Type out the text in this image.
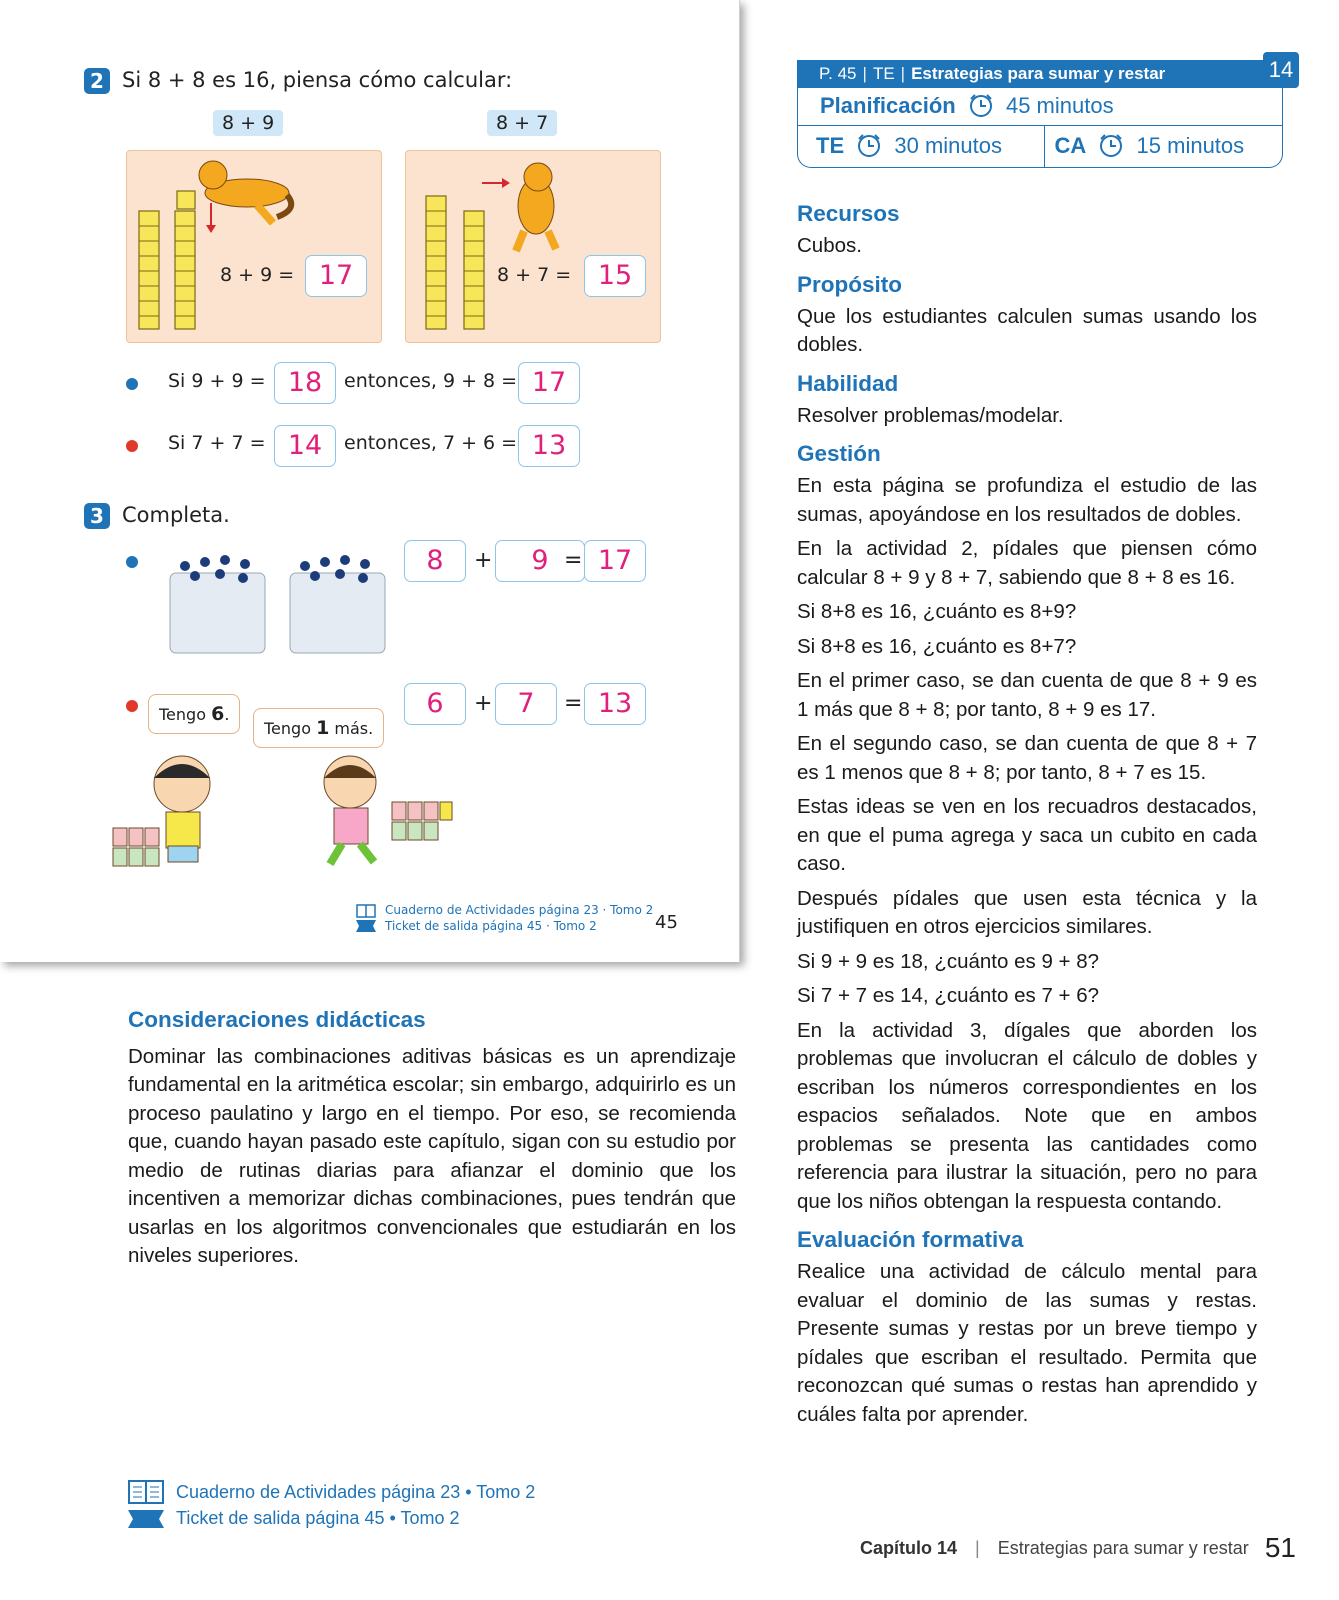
2 Si 8 + 8 es 16, piensa cómo calcular:
8 + 9	8 + 7
8 + 9 = 17	8 + 7 = 15
Si 9 + 9 = 18	entonces, 9 + 8 = 17
Si 7 + 7 = 14	entonces, 7 + 6 = 13
3 Completa.
8	+	9 = 17
Tengo 6.
Tengo 1 más.
6	+ 7	= 13
Cuaderno de Actividades página 23 · Tomo 2
Ticket de salida página 45 · Tomo 2	45
P. 45 | TE | Estrategias para sumar y restar
Planificación 45 minutos
TE 30 minutos	CA 15 minutos
14
Recursos

Cubos.

Propósito

Que los estudiantes calculen sumas usando los dobles.

Habilidad

Resolver problemas/modelar.

Gestión

En esta página se profundiza el estudio de las sumas, apoyándose en los resultados de dobles.

En la actividad 2, pídales que piensen cómo calcular 8 + 9 y 8 + 7, sabiendo que 8 + 8 es 16.

Si 8+8 es 16, ¿cuánto es 8+9?

Si 8+8 es 16, ¿cuánto es 8+7?

En el primer caso, se dan cuenta de que 8 + 9 es 1 más que 8 + 8; por tanto, 8 + 9 es 17.

En el segundo caso, se dan cuenta de que 8 + 7 es 1 menos que 8 + 8; por tanto, 8 + 7 es 15.

Estas ideas se ven en los recuadros destacados, en que el puma agrega y saca un cubito en cada caso.

Después pídales que usen esta técnica y la justifiquen en otros ejercicios similares.

Si 9 + 9 es 18, ¿cuánto es 9 + 8?

Si 7 + 7 es 14, ¿cuánto es 7 + 6?

En la actividad 3, dígales que aborden los problemas que involucran el cálculo de dobles y escriban los números correspondientes en los espacios señalados. Note que en ambos problemas se presenta las cantidades como referencia para ilustrar la situación, pero no para que los niños obtengan la respuesta contando.

Evaluación formativa

Realice una actividad de cálculo mental para evaluar el dominio de las sumas y restas. Presente sumas y restas por un breve tiempo y pídales que escriban el resultado. Permita que reconozcan qué sumas o restas han aprendido y cuáles falta por aprender.

Consideraciones didácticas

Dominar las combinaciones aditivas básicas es un aprendizaje fundamental en la aritmética escolar; sin embargo, adquirirlo es un proceso paulatino y largo en el tiempo. Por eso, se recomienda que, cuando hayan pasado este capítulo, sigan con su estudio por medio de rutinas diarias para afianzar el dominio que los incentiven a memorizar dichas combinaciones, pues tendrán que usarlas en los algoritmos convencionales que estudiarán en los niveles superiores.

Cuaderno de Actividades página 23 • Tomo 2
Ticket de salida página 45 • Tomo 2
Capítulo 14 | Estrategias para sumar y restar 51
